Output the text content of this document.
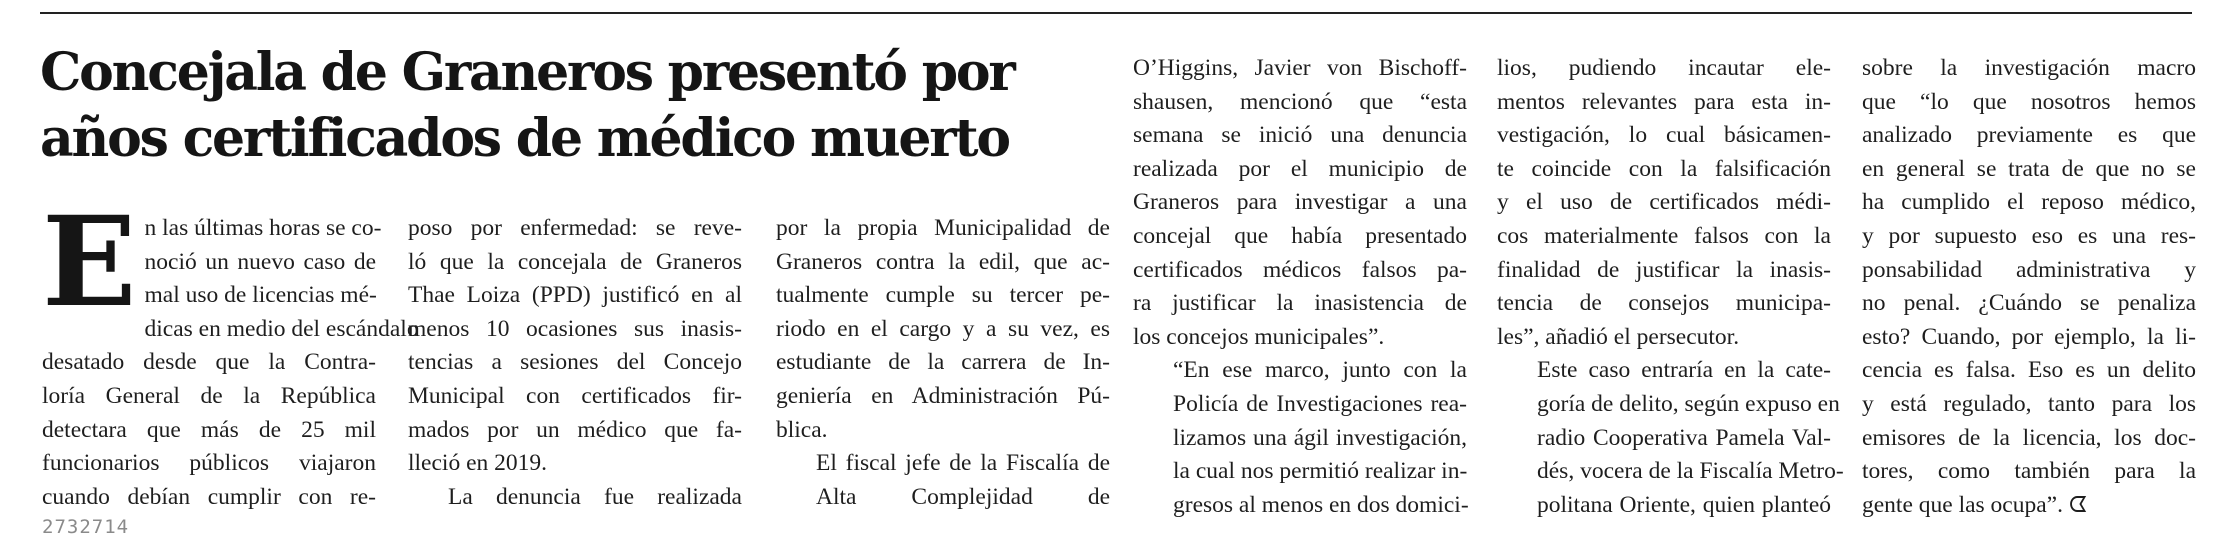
Concejala de Graneros presentó por
años certificados de médico muerto

E n las últimas horas se co-
noció un nuevo caso de
mal uso de licencias mé-
dicas en medio del escándalo
desatado desde que la Contra-
loría General de la República
detectara que más de 25 mil
funcionarios públicos viajaron
cuando debían cumplir con re-

poso por enfermedad: se reve-
ló que la concejala de Graneros
Thae Loiza (PPD) justificó en al
menos 10 ocasiones sus inasis-
tencias a sesiones del Concejo
Municipal con certificados fir-
mados por un médico que fa-
lleció en 2019.

La denuncia fue realizada

por la propia Municipalidad de
Graneros contra la edil, que ac-
tualmente cumple su tercer pe-
riodo en el cargo y a su vez, es
estudiante de la carrera de In-
geniería en Administración Pú-
blica.

El fiscal jefe de la Fiscalía de
Alta Complejidad de

O’Higgins, Javier von Bischoff-
shausen, mencionó que “esta
semana se inició una denuncia
realizada por el municipio de
Graneros para investigar a una
concejal que había presentado
certificados médicos falsos pa-
ra justificar la inasistencia de
los concejos municipales”.

“En ese marco, junto con la
Policía de Investigaciones rea-
lizamos una ágil investigación,
la cual nos permitió realizar in-
gresos al menos en dos domici-

lios, pudiendo incautar ele-
mentos relevantes para esta in-
vestigación, lo cual básicamen-
te coincide con la falsificación
y el uso de certificados médi-
cos materialmente falsos con la
finalidad de justificar la inasis-
tencia de consejos municipa-
les”, añadió el persecutor.

Este caso entraría en la cate-
goría de delito, según expuso en
radio Cooperativa Pamela Val-
dés, vocera de la Fiscalía Metro-
politana Oriente, quien planteó

sobre la investigación macro
que “lo que nosotros hemos
analizado previamente es que
en general se trata de que no se
ha cumplido el reposo médico,
y por supuesto eso es una res-
ponsabilidad administrativa y
no penal. ¿Cuándo se penaliza
esto? Cuando, por ejemplo, la li-
cencia es falsa. Eso es un delito
y está regulado, tanto para los
emisores de la licencia, los doc-
tores, como también para la
gente que las ocupa”. ᗧ

2732714
